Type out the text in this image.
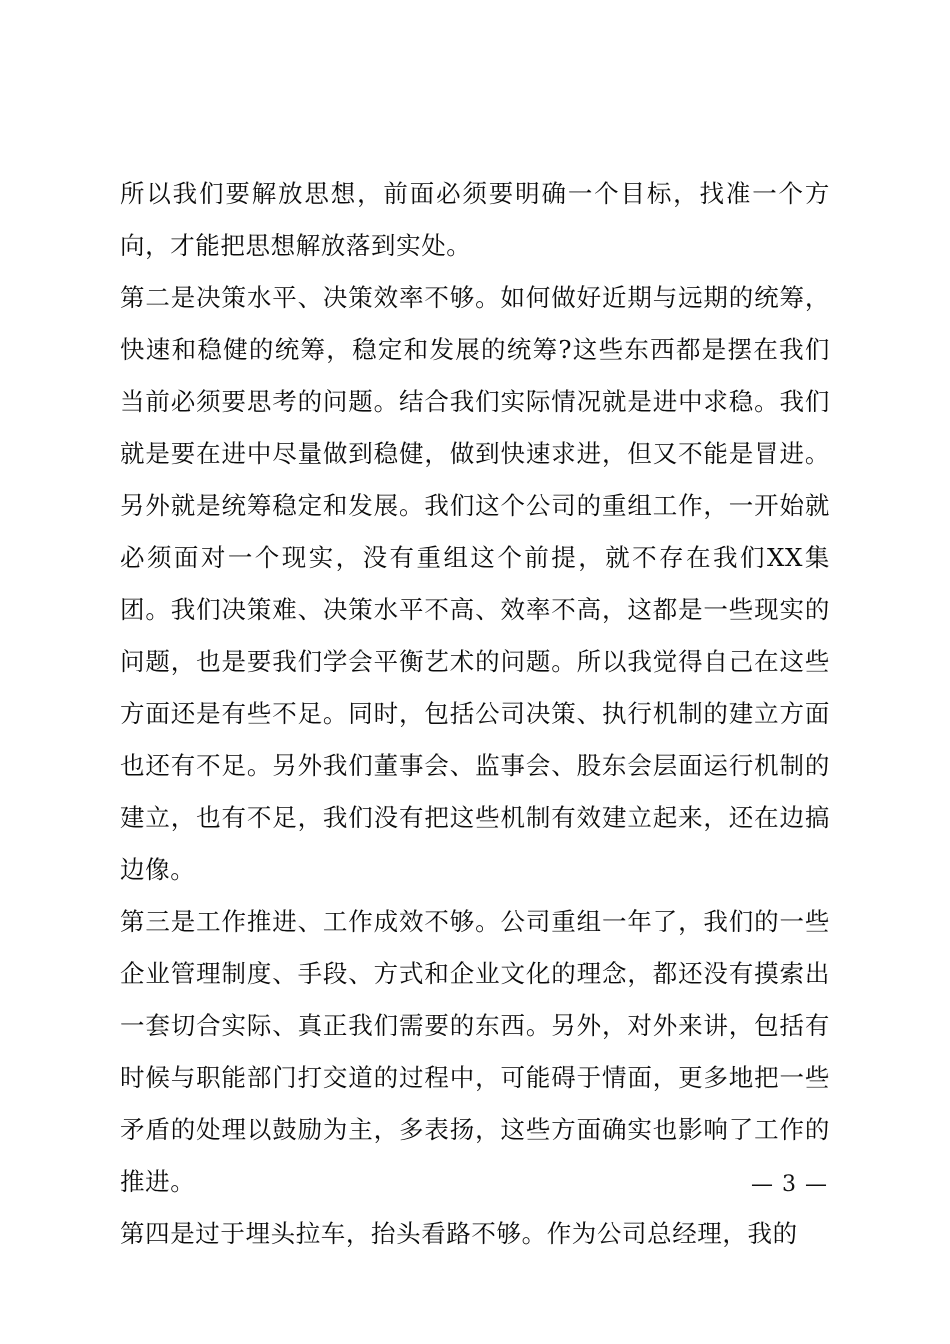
所以我们要解放思想，前面必须要明确一个目标，找准一个方向，才能把思想解放落到实处。

第二是决策水平、决策效率不够。如何做好近期与远期的统筹，快速和稳健的统筹，稳定和发展的统筹?这些东西都是摆在我们当前必须要思考的问题。结合我们实际情况就是进中求稳。我们就是要在进中尽量做到稳健，做到快速求进，但又不能是冒进。另外就是统筹稳定和发展。我们这个公司的重组工作，一开始就必须面对一个现实，没有重组这个前提，就不存在我们XX集团。我们决策难、决策水平不高、效率不高，这都是一些现实的问题，也是要我们学会平衡艺术的问题。所以我觉得自己在这些方面还是有些不足。同时，包括公司决策、执行机制的建立方面也还有不足。另外我们董事会、监事会、股东会层面运行机制的建立，也有不足，我们没有把这些机制有效建立起来，还在边搞边像。

第三是工作推进、工作成效不够。公司重组一年了，我们的一些企业管理制度、手段、方式和企业文化的理念，都还没有摸索出一套切合实际、真正我们需要的东西。另外，对外来讲，包括有时候与职能部门打交道的过程中，可能碍于情面，更多地把一些矛盾的处理以鼓励为主，多表扬，这些方面确实也影响了工作的推进。

第四是过于埋头拉车，抬头看路不够。作为公司总经理，我的

— 3 —
